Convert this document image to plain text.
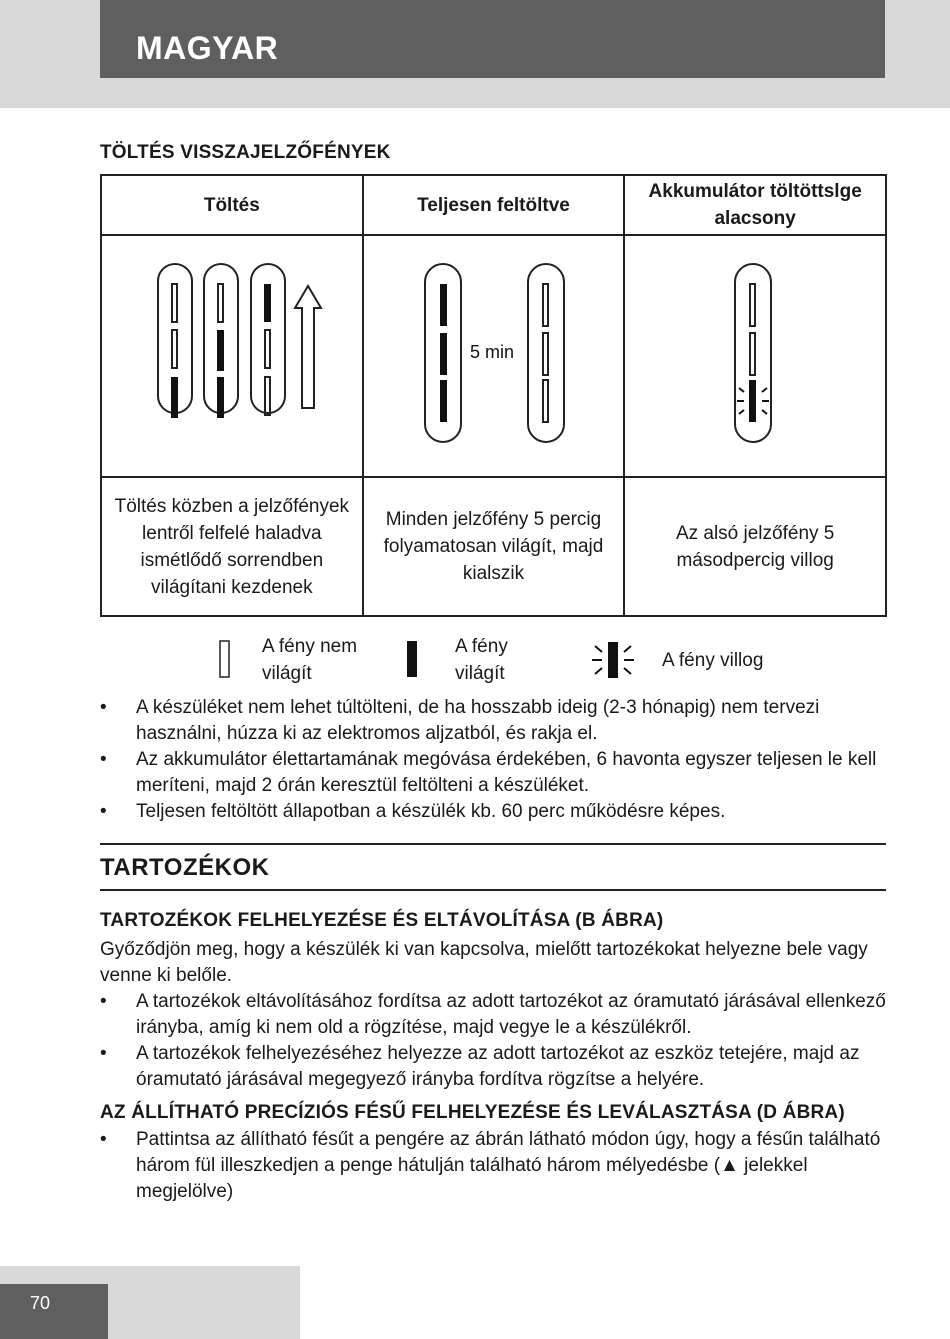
MAGYAR
TÖLTÉS VISSZAJELZŐFÉNYEK
Töltés	Teljesen feltöltve	Akkumulátor töltöttslge alacsony

5 min

Töltés közben a jelzőfények lentről felfelé haladva ismétlődő sorrendben világítani kezdenek	Minden jelzőfény 5 percig folyamatosan világít, majd kialszik	Az alsó jelzőfény 5 másodpercig villog
A fény nem világít
A fény világít
A fény villog
• A készüléket nem lehet túltölteni, de ha hosszabb ideig (2-3 hónapig) nem tervezi használni, húzza ki az elektromos aljzatból, és rakja el.
• Az akkumulátor élettartamának megóvása érdekében, 6 havonta egyszer teljesen le kell meríteni, majd 2 órán keresztül feltölteni a készüléket.
• Teljesen feltöltött állapotban a készülék kb. 60 perc működésre képes.
TARTOZÉKOK
TARTOZÉKOK FELHELYEZÉSE ÉS ELTÁVOLÍTÁSA (B ÁBRA)
Győződjön meg, hogy a készülék ki van kapcsolva, mielőtt tartozékokat helyezne bele vagy venne ki belőle.
• A tartozékok eltávolításához fordítsa az adott tartozékot az óramutató járásával ellenkező irányba, amíg ki nem old a rögzítése, majd vegye le a készülékről.
• A tartozékok felhelyezéséhez helyezze az adott tartozékot az eszköz tetejére, majd az óramutató járásával megegyező irányba fordítva rögzítse a helyére.
AZ ÁLLÍTHATÓ PRECÍZIÓS FÉSŰ FELHELYEZÉSE ÉS LEVÁLASZTÁSA (D ÁBRA)
• Pattintsa az állítható fésűt a pengére az ábrán látható módon úgy, hogy a fésűn található három fül illeszkedjen a penge hátulján található három mélyedésbe (▲ jelekkel megjelölve)
70
